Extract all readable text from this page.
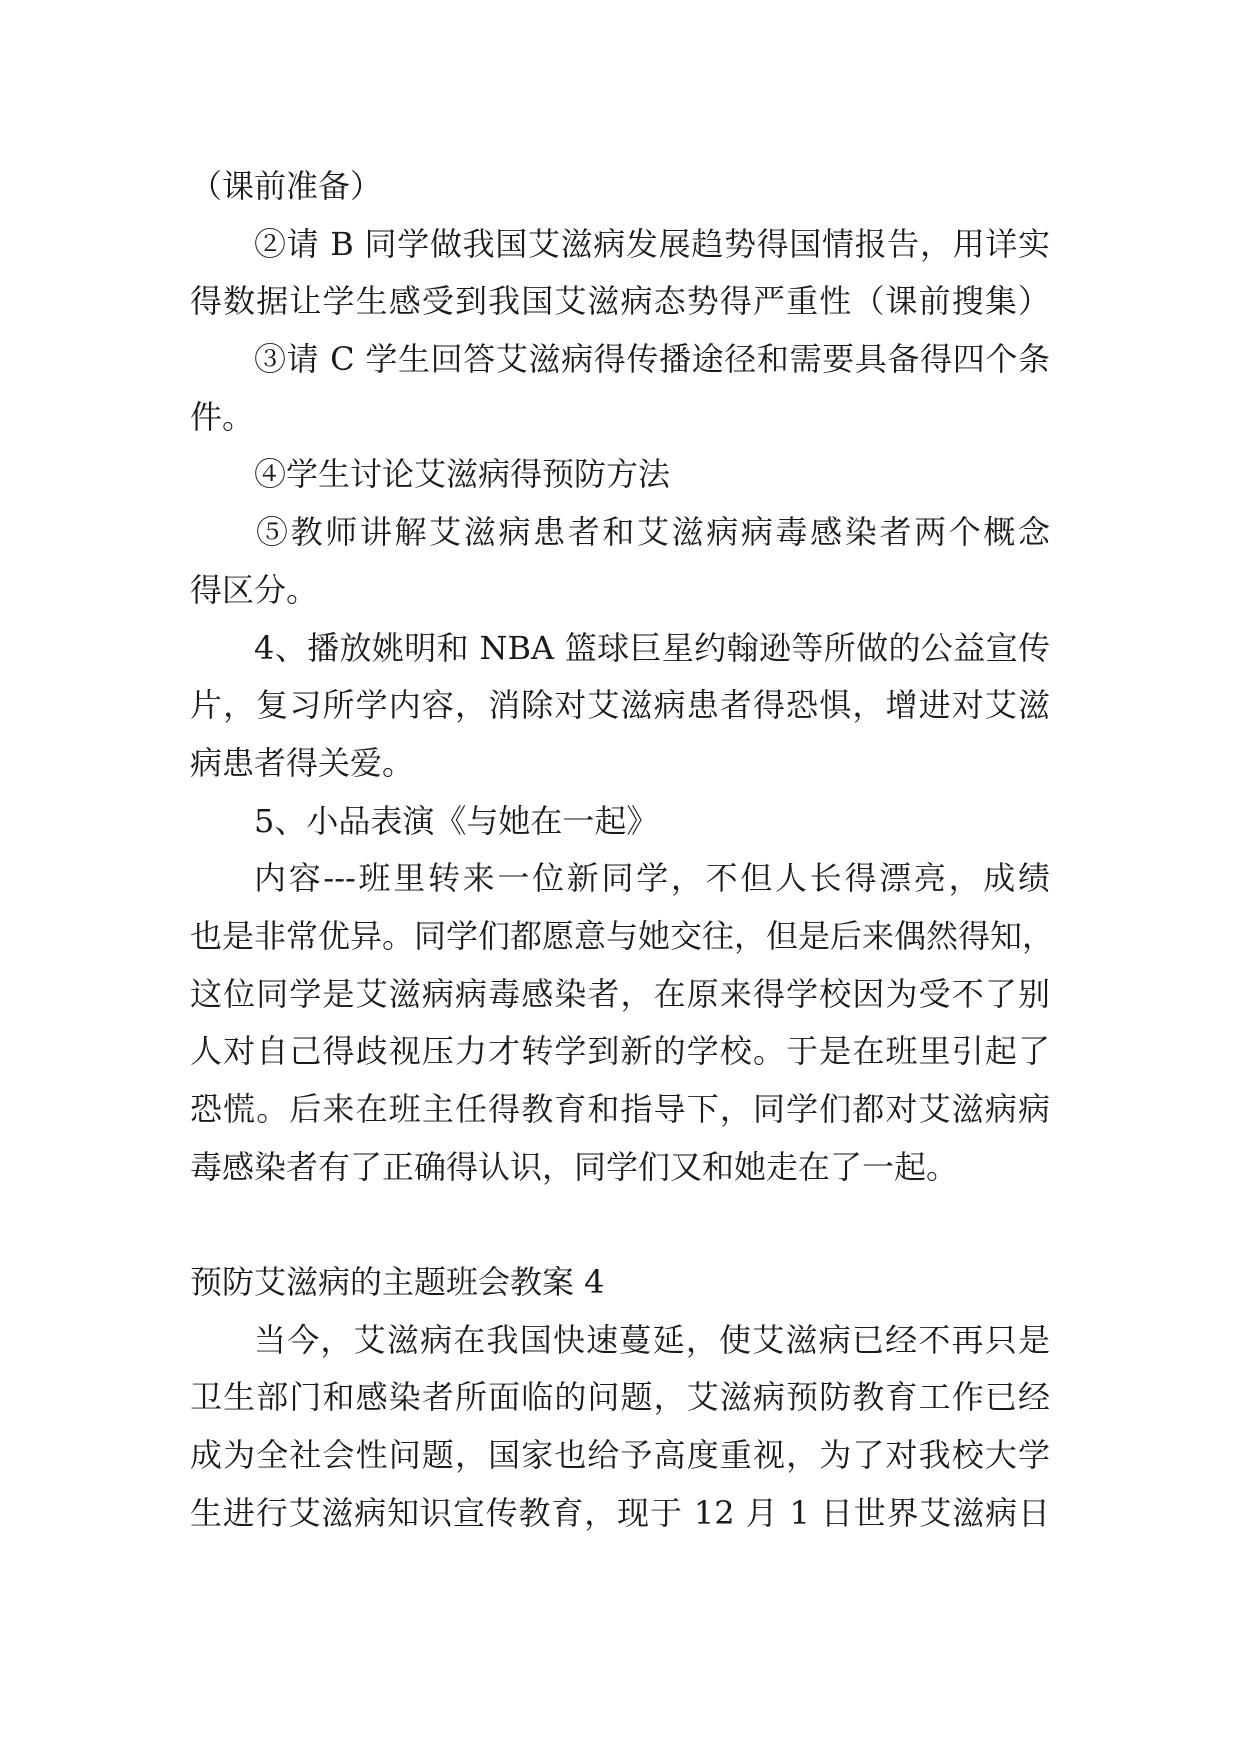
（课前准备）
②请 B 同学做我国艾滋病发展趋势得国情报告，用详实
得数据让学生感受到我国艾滋病态势得严重性（课前搜集）
③请 C 学生回答艾滋病得传播途径和需要具备得四个条
件。
④学生讨论艾滋病得预防方法
⑤教师讲解艾滋病患者和艾滋病病毒感染者两个概念
得区分。
4、播放姚明和 NBA 篮球巨星约翰逊等所做的公益宣传
片，复习所学内容，消除对艾滋病患者得恐惧，增进对艾滋
病患者得关爱。
5、小品表演《与她在一起》
内容---班里转来一位新同学，不但人长得漂亮，成绩
也是非常优异。同学们都愿意与她交往，但是后来偶然得知，
这位同学是艾滋病病毒感染者，在原来得学校因为受不了别
人对自己得歧视压力才转学到新的学校。于是在班里引起了
恐慌。后来在班主任得教育和指导下，同学们都对艾滋病病
毒感染者有了正确得认识，同学们又和她走在了一起。
预防艾滋病的主题班会教案 4
当今，艾滋病在我国快速蔓延，使艾滋病已经不再只是
卫生部门和感染者所面临的问题，艾滋病预防教育工作已经
成为全社会性问题，国家也给予高度重视，为了对我校大学
生进行艾滋病知识宣传教育，现于 12 月 1 日世界艾滋病日
